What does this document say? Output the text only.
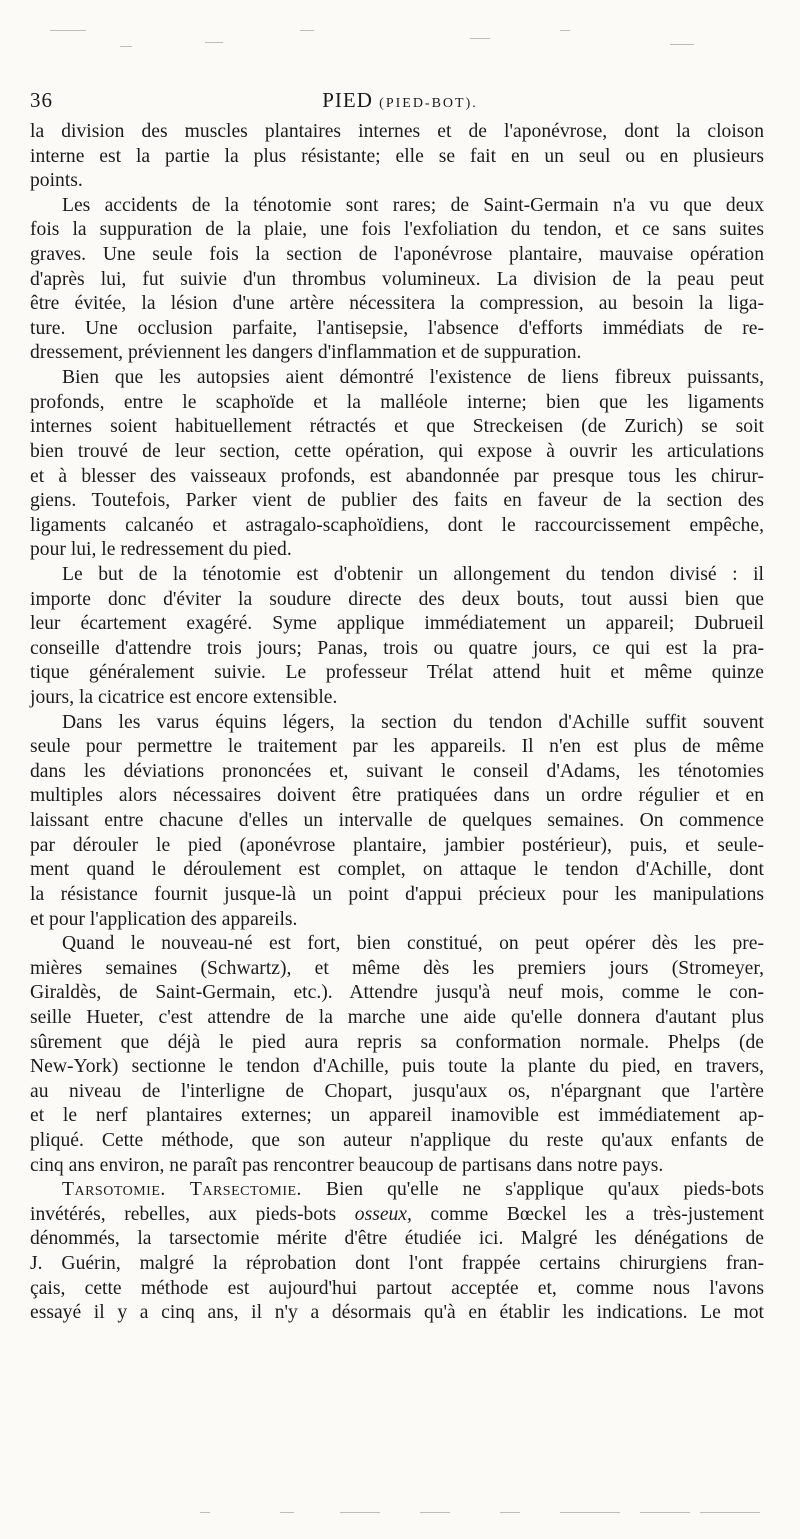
36	PIED (PIED-BOT).
la division des muscles plantaires internes et de l'aponévrose, dont la cloison
interne est la partie la plus résistante; elle se fait en un seul ou en plusieurs
points.
Les accidents de la ténotomie sont rares; de Saint-Germain n'a vu que deux
fois la suppuration de la plaie, une fois l'exfoliation du tendon, et ce sans suites
graves. Une seule fois la section de l'aponévrose plantaire, mauvaise opération
d'après lui, fut suivie d'un thrombus volumineux. La division de la peau peut
être évitée, la lésion d'une artère nécessitera la compression, au besoin la liga-
ture. Une occlusion parfaite, l'antisepsie, l'absence d'efforts immédiats de re-
dressement, préviennent les dangers d'inflammation et de suppuration.
Bien que les autopsies aient démontré l'existence de liens fibreux puissants,
profonds, entre le scaphoïde et la malléole interne; bien que les ligaments
internes soient habituellement rétractés et que Streckeisen (de Zurich) se soit
bien trouvé de leur section, cette opération, qui expose à ouvrir les articulations
et à blesser des vaisseaux profonds, est abandonnée par presque tous les chirur-
giens. Toutefois, Parker vient de publier des faits en faveur de la section des
ligaments calcanéo et astragalo-scaphoïdiens, dont le raccourcissement empêche,
pour lui, le redressement du pied.
Le but de la ténotomie est d'obtenir un allongement du tendon divisé : il
importe donc d'éviter la soudure directe des deux bouts, tout aussi bien que
leur écartement exagéré. Syme applique immédiatement un appareil; Dubrueil
conseille d'attendre trois jours; Panas, trois ou quatre jours, ce qui est la pra-
tique généralement suivie. Le professeur Trélat attend huit et même quinze
jours, la cicatrice est encore extensible.
Dans les varus équins légers, la section du tendon d'Achille suffit souvent
seule pour permettre le traitement par les appareils. Il n'en est plus de même
dans les déviations prononcées et, suivant le conseil d'Adams, les ténotomies
multiples alors nécessaires doivent être pratiquées dans un ordre régulier et en
laissant entre chacune d'elles un intervalle de quelques semaines. On commence
par dérouler le pied (aponévrose plantaire, jambier postérieur), puis, et seule-
ment quand le déroulement est complet, on attaque le tendon d'Achille, dont
la résistance fournit jusque-là un point d'appui précieux pour les manipulations
et pour l'application des appareils.
Quand le nouveau-né est fort, bien constitué, on peut opérer dès les pre-
mières semaines (Schwartz), et même dès les premiers jours (Stromeyer,
Giraldès, de Saint-Germain, etc.). Attendre jusqu'à neuf mois, comme le con-
seille Hueter, c'est attendre de la marche une aide qu'elle donnera d'autant plus
sûrement que déjà le pied aura repris sa conformation normale. Phelps (de
New-York) sectionne le tendon d'Achille, puis toute la plante du pied, en travers,
au niveau de l'interligne de Chopart, jusqu'aux os, n'épargnant que l'artère
et le nerf plantaires externes; un appareil inamovible est immédiatement ap-
pliqué. Cette méthode, que son auteur n'applique du reste qu'aux enfants de
cinq ans environ, ne paraît pas rencontrer beaucoup de partisans dans notre pays.
Tarsotomie. Tarsectomie. Bien qu'elle ne s'applique qu'aux pieds-bots
invétérés, rebelles, aux pieds-bots osseux, comme Bœckel les a très-justement
dénommés, la tarsectomie mérite d'être étudiée ici. Malgré les dénégations de
J. Guérin, malgré la réprobation dont l'ont frappée certains chirurgiens fran-
çais, cette méthode est aujourd'hui partout acceptée et, comme nous l'avons
essayé il y a cinq ans, il n'y a désormais qu'à en établir les indications. Le mot
